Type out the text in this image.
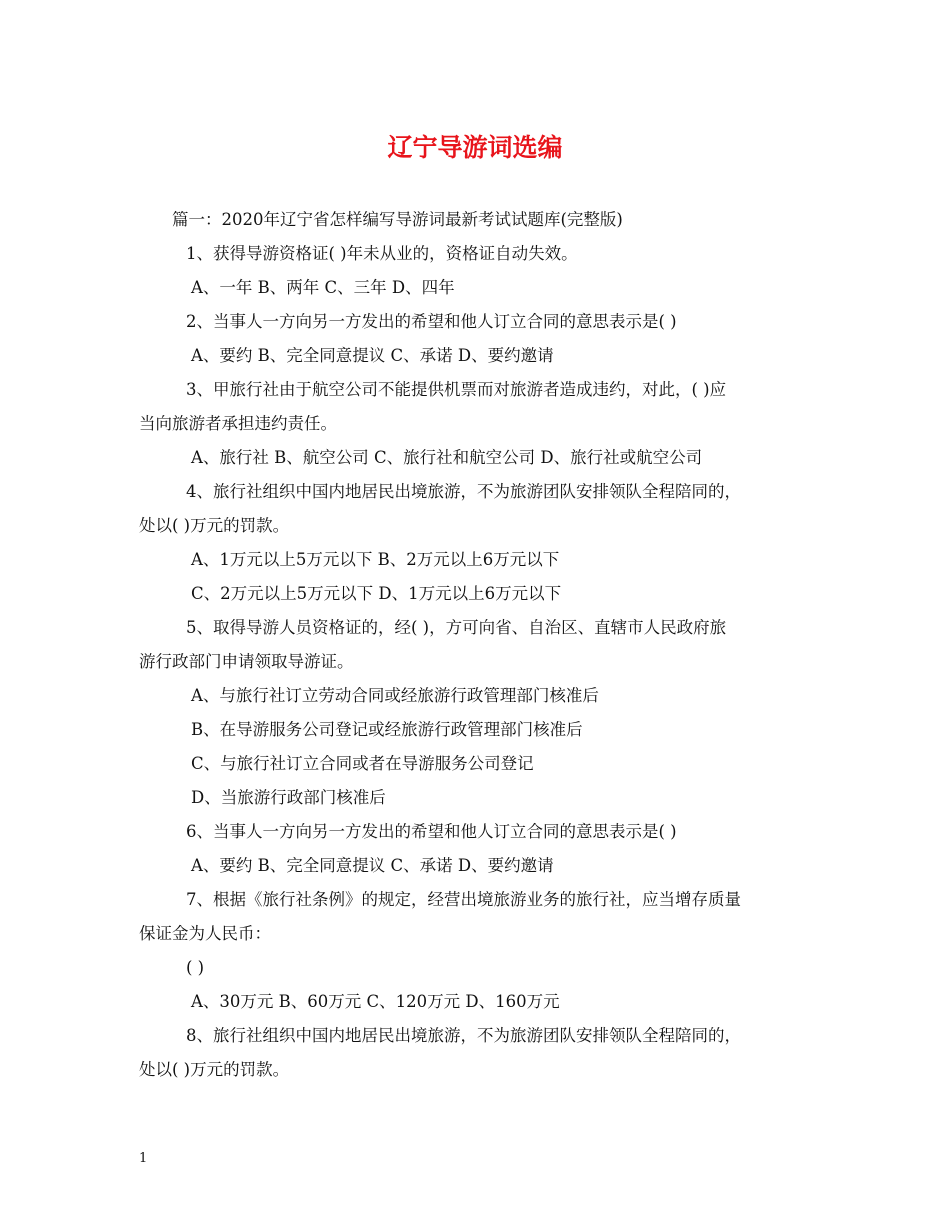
辽宁导游词选编
篇一：2020年辽宁省怎样编写导游词最新考试试题库(完整版)
1、获得导游资格证( )年未从业的，资格证自动失效。
A、一年 B、两年 C、三年 D、四年
2、当事人一方向另一方发出的希望和他人订立合同的意思表示是( )
A、要约 B、完全同意提议 C、承诺 D、要约邀请
3、甲旅行社由于航空公司不能提供机票而对旅游者造成违约，对此，( )应
当向旅游者承担违约责任。
A、旅行社 B、航空公司 C、旅行社和航空公司 D、旅行社或航空公司
4、旅行社组织中国内地居民出境旅游，不为旅游团队安排领队全程陪同的，
处以( )万元的罚款。
A、1万元以上5万元以下 B、2万元以上6万元以下
C、2万元以上5万元以下 D、1万元以上6万元以下
5、取得导游人员资格证的，经( )，方可向省、自治区、直辖市人民政府旅
游行政部门申请领取导游证。
A、与旅行社订立劳动合同或经旅游行政管理部门核准后
B、在导游服务公司登记或经旅游行政管理部门核准后
C、与旅行社订立合同或者在导游服务公司登记
D、当旅游行政部门核准后
6、当事人一方向另一方发出的希望和他人订立合同的意思表示是( )
A、要约 B、完全同意提议 C、承诺 D、要约邀请
7、根据《旅行社条例》的规定，经营出境旅游业务的旅行社，应当增存质量
保证金为人民币：
( )
A、30万元 B、60万元 C、120万元 D、160万元
8、旅行社组织中国内地居民出境旅游，不为旅游团队安排领队全程陪同的，
处以( )万元的罚款。
1
